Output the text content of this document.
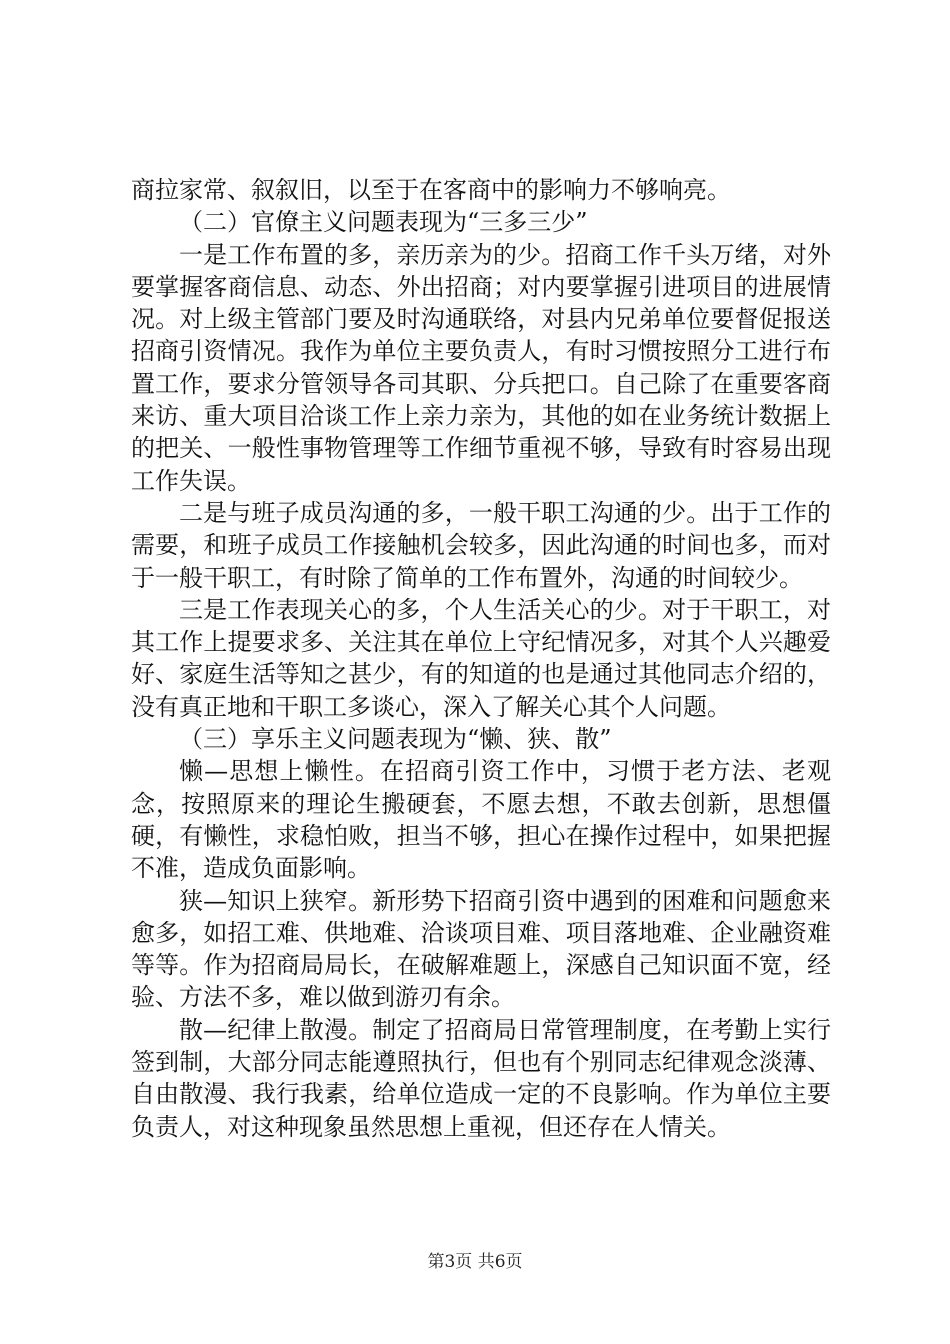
商拉家常、叙叙旧，以至于在客商中的影响力不够响亮。

（二）官僚主义问题表现为“三多三少”

一是工作布置的多，亲历亲为的少。招商工作千头万绪，对外要掌握客商信息、动态、外出招商；对内要掌握引进项目的进展情况。对上级主管部门要及时沟通联络，对县内兄弟单位要督促报送招商引资情况。我作为单位主要负责人，有时习惯按照分工进行布置工作，要求分管领导各司其职、分兵把口。自己除了在重要客商来访、重大项目洽谈工作上亲力亲为，其他的如在业务统计数据上的把关、一般性事物管理等工作细节重视不够，导致有时容易出现工作失误。

二是与班子成员沟通的多，一般干职工沟通的少。出于工作的需要，和班子成员工作接触机会较多，因此沟通的时间也多，而对于一般干职工，有时除了简单的工作布置外，沟通的时间较少。

三是工作表现关心的多，个人生活关心的少。对于干职工，对其工作上提要求多、关注其在单位上守纪情况多，对其个人兴趣爱好、家庭生活等知之甚少，有的知道的也是通过其他同志介绍的，没有真正地和干职工多谈心，深入了解关心其个人问题。

（三）享乐主义问题表现为“懒、狭、散”

懒—思想上懒性。在招商引资工作中，习惯于老方法、老观念，按照原来的理论生搬硬套，不愿去想，不敢去创新，思想僵硬，有懒性，求稳怕败，担当不够，担心在操作过程中，如果把握不准，造成负面影响。

狭—知识上狭窄。新形势下招商引资中遇到的困难和问题愈来愈多，如招工难、供地难、洽谈项目难、项目落地难、企业融资难等等。作为招商局局长，在破解难题上，深感自己知识面不宽，经验、方法不多，难以做到游刃有余。

散—纪律上散漫。制定了招商局日常管理制度，在考勤上实行签到制，大部分同志能遵照执行，但也有个别同志纪律观念淡薄、自由散漫、我行我素，给单位造成一定的不良影响。作为单位主要负责人，对这种现象虽然思想上重视，但还存在人情关。

第3页 共6页
